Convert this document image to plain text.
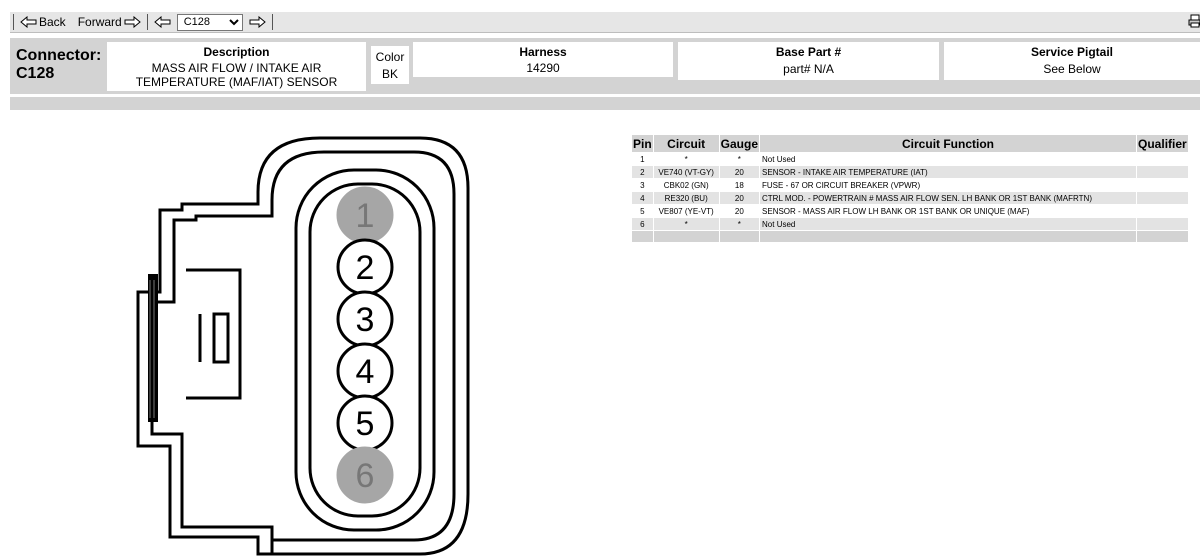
Back Forward
C128
Connector:
C128
Description
MASS AIR FLOW / INTAKE AIR TEMPERATURE (MAF/IAT) SENSOR
Color
BK
Harness
14290
Base Part #
part# N/A
Service Pigtail
See Below
1
2
3
4
5
6
Pin	Circuit	Gauge	Circuit Function	Qualifier
1	*	*	Not Used	
2	VE740 (VT-GY)	20	SENSOR - INTAKE AIR TEMPERATURE (IAT)	
3	CBK02 (GN)	18	FUSE - 67 OR CIRCUIT BREAKER (VPWR)	
4	RE320 (BU)	20	CTRL MOD. - POWERTRAIN # MASS AIR FLOW SEN. LH BANK OR 1ST BANK (MAFRTN)	
5	VE807 (YE-VT)	20	SENSOR - MASS AIR FLOW LH BANK OR 1ST BANK OR UNIQUE (MAF)	
6	*	*	Not Used	
